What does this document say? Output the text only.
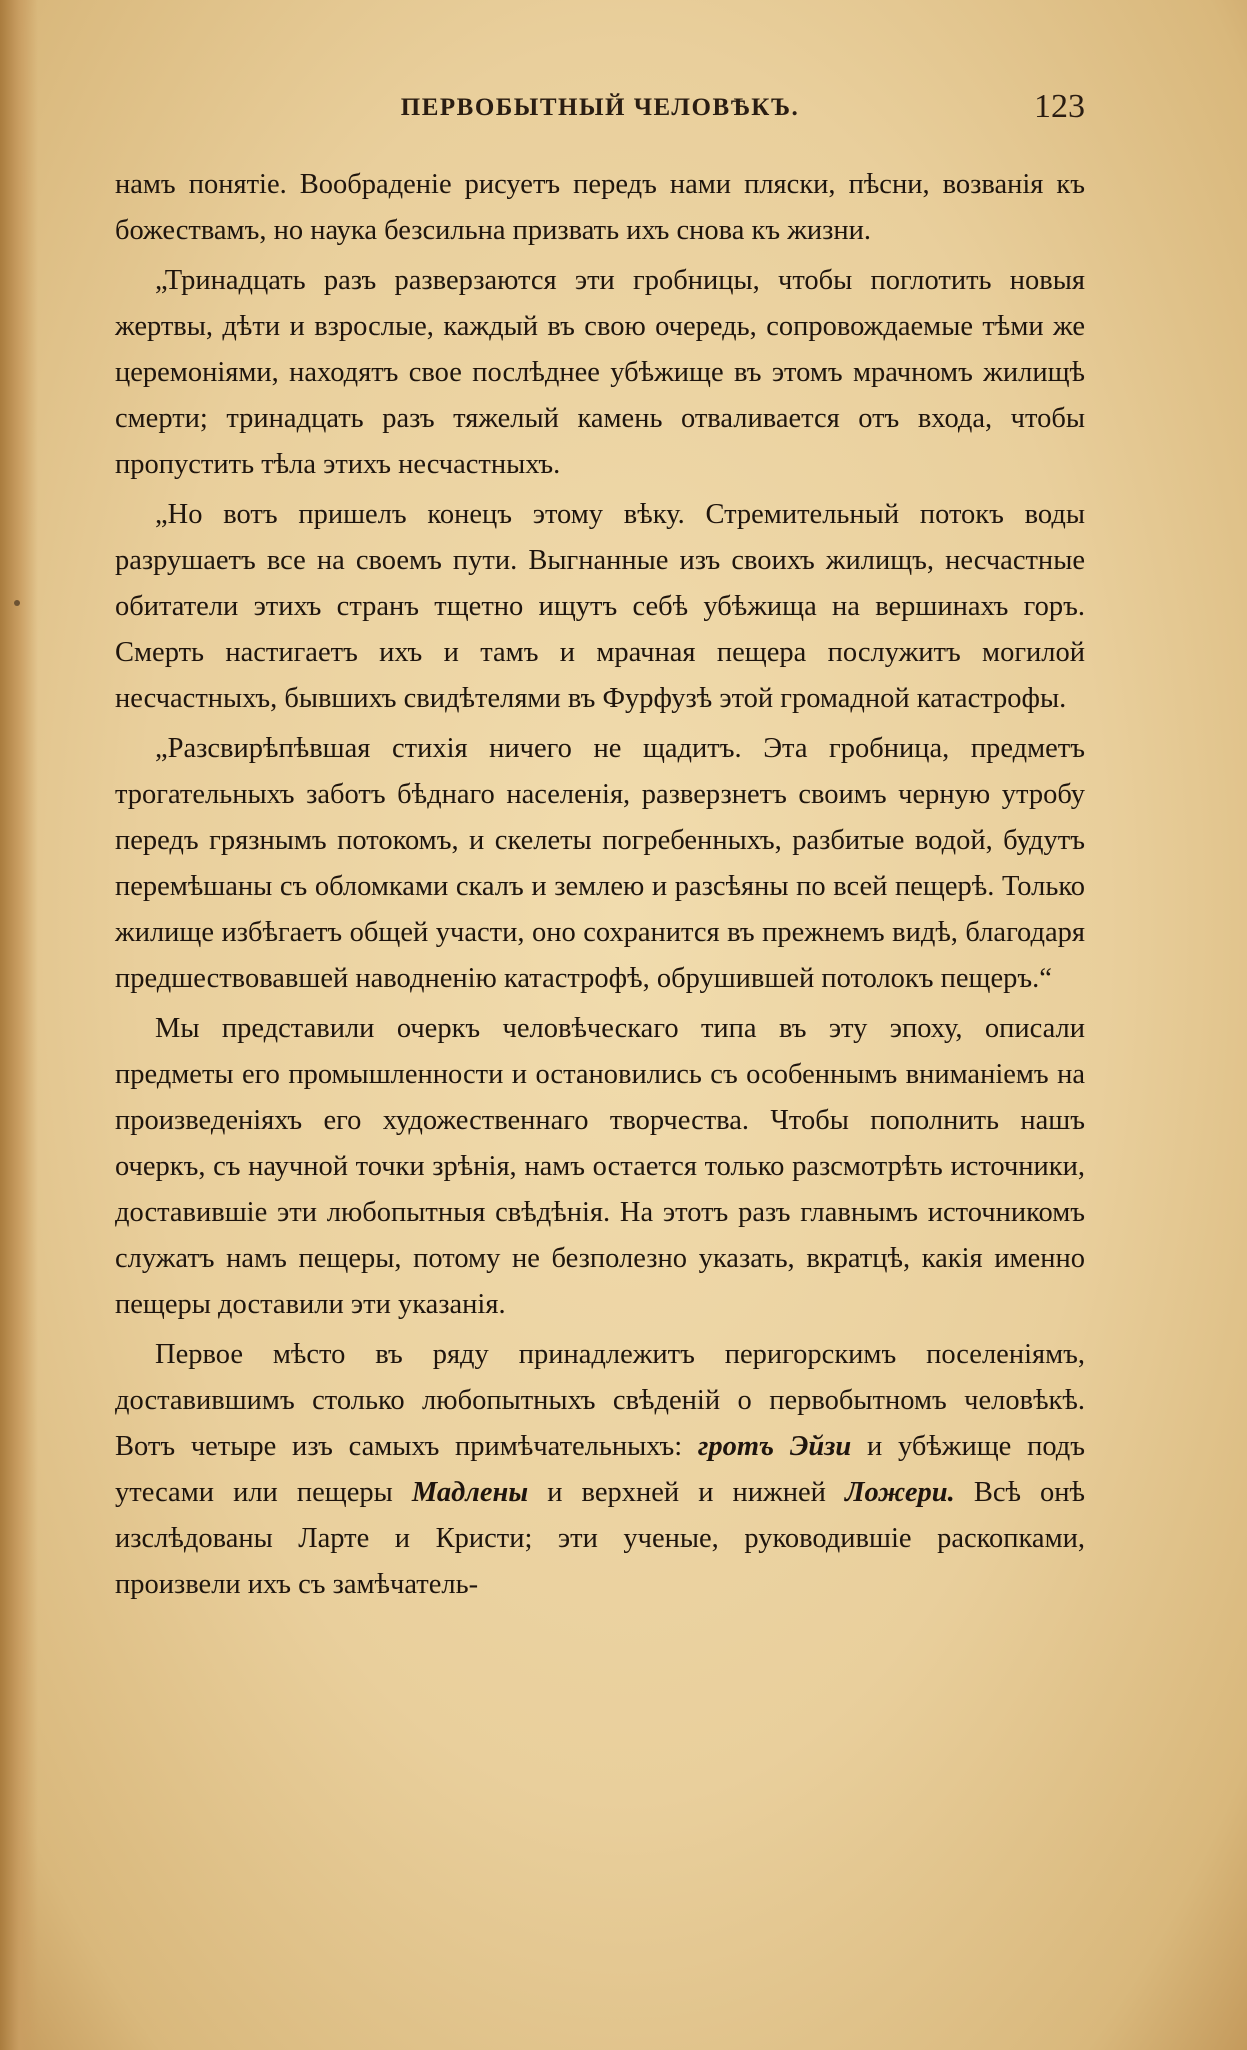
ПЕРВОБЫТНЫЙ ЧЕЛОВѢКЪ.	123

намъ понятіе. Вообраденіе рисуетъ передъ нами пляски, пѣсни, возванія къ божествамъ, но наука безсильна призвать ихъ снова къ жизни.

„Тринадцать разъ разверзаются эти гробницы, чтобы поглотить новыя жертвы, дѣти и взрослые, каждый въ свою очередь, сопровождаемые тѣми же церемоніями, находятъ свое послѣднее убѣжище въ этомъ мрачномъ жилищѣ смерти; тринадцать разъ тяжелый камень отваливается отъ входа, чтобы пропустить тѣла этихъ несчастныхъ.

„Но вотъ пришелъ конецъ этому вѣку. Стремительный потокъ воды разрушаетъ все на своемъ пути. Выгнанные изъ своихъ жилищъ, несчастные обитатели этихъ странъ тщетно ищутъ себѣ убѣжища на вершинахъ горъ. Смерть настигаетъ ихъ и тамъ и мрачная пещера послужитъ могилой несчастныхъ, бывшихъ свидѣтелями въ Фурфузѣ этой громадной катастрофы.

„Разсвирѣпѣвшая стихія ничего не щадитъ. Эта гробница, предметъ трогательныхъ заботъ бѣднаго населенія, разверзнетъ своимъ черную утробу передъ грязнымъ потокомъ, и скелеты погребенныхъ, разбитые водой, будутъ перемѣшаны съ обломками скалъ и землею и разсѣяны по всей пещерѣ. Только жилище избѣгаетъ общей участи, оно сохранится въ прежнемъ видѣ, благодаря предшествовавшей наводненію катастрофѣ, обрушившей потолокъ пещеръ.“

Мы представили очеркъ человѣческаго типа въ эту эпоху, описали предметы его промышленности и остановились съ особеннымъ вниманіемъ на произведеніяхъ его художественнаго творчества. Чтобы пополнить нашъ очеркъ, съ научной точки зрѣнія, намъ остается только разсмотрѣть источники, доставившіе эти любопытныя свѣдѣнія. На этотъ разъ главнымъ источникомъ служатъ намъ пещеры, потому не безполезно указать, вкратцѣ, какія именно пещеры доставили эти указанія.

Первое мѣсто въ ряду принадлежитъ перигорскимъ поселеніямъ, доставившимъ столько любопытныхъ свѣденій о первобытномъ человѣкѣ. Вотъ четыре изъ самыхъ примѣчательныхъ: гротъ Эйзи и убѣжище подъ утесами или пещеры Мадлены и верхней и нижней Ложери. Всѣ онѣ изслѣдованы Ларте и Кристи; эти ученые, руководившіе раскопками, произвели ихъ съ замѣчатель-
